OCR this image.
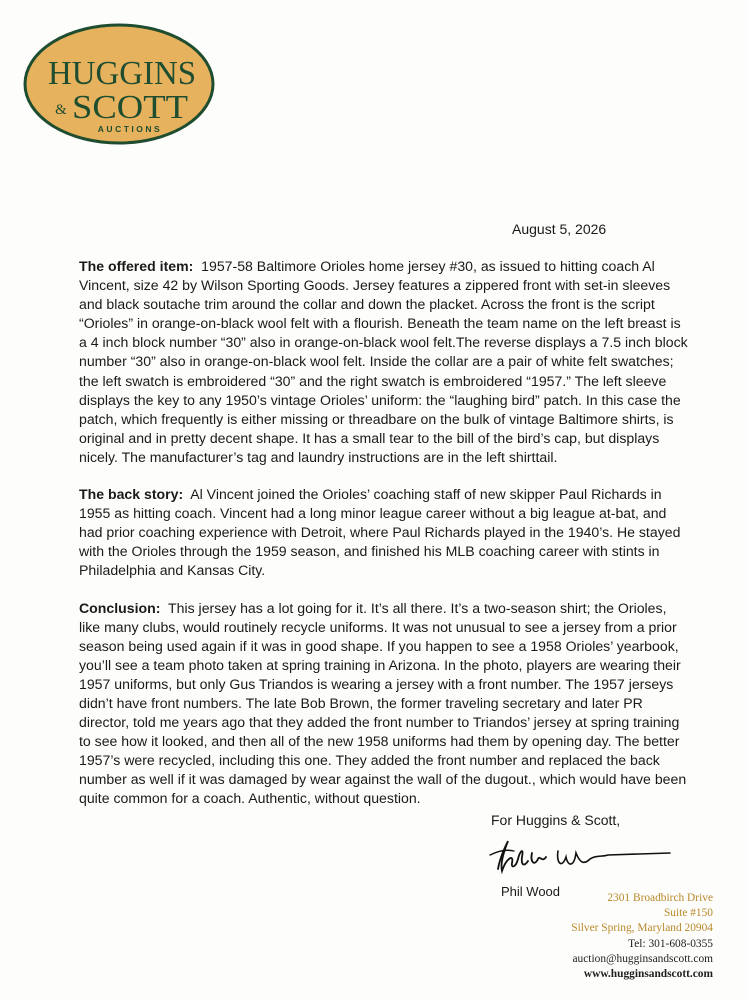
HUGGINS
& SCOTT
AUCTIONS
August 5, 2026

The offered item: 1957-58 Baltimore Orioles home jersey #30, as issued to hitting coach Al Vincent, size 42 by Wilson Sporting Goods. Jersey features a zippered front with set-in sleeves and black soutache trim around the collar and down the placket. Across the front is the script “Orioles” in orange-on-black wool felt with a flourish. Beneath the team name on the left breast is a 4 inch block number “30” also in orange-on-black wool felt.The reverse displays a 7.5 inch block number “30” also in orange-on-black wool felt. Inside the collar are a pair of white felt swatches; the left swatch is embroidered “30” and the right swatch is embroidered “1957.” The left sleeve displays the key to any 1950’s vintage Orioles’ uniform: the “laughing bird” patch. In this case the patch, which frequently is either missing or threadbare on the bulk of vintage Baltimore shirts, is original and in pretty decent shape. It has a small tear to the bill of the bird’s cap, but displays nicely. The manufacturer’s tag and laundry instructions are in the left shirttail.

The back story: Al Vincent joined the Orioles’ coaching staff of new skipper Paul Richards in 1955 as hitting coach. Vincent had a long minor league career without a big league at-bat, and had prior coaching experience with Detroit, where Paul Richards played in the 1940’s. He stayed with the Orioles through the 1959 season, and finished his MLB coaching career with stints in Philadelphia and Kansas City.

Conclusion: This jersey has a lot going for it. It’s all there. It’s a two-season shirt; the Orioles, like many clubs, would routinely recycle uniforms. It was not unusual to see a jersey from a prior season being used again if it was in good shape. If you happen to see a 1958 Orioles’ yearbook, you’ll see a team photo taken at spring training in Arizona. In the photo, players are wearing their 1957 uniforms, but only Gus Triandos is wearing a jersey with a front number. The 1957 jerseys didn’t have front numbers. The late Bob Brown, the former traveling secretary and later PR director, told me years ago that they added the front number to Triandos’ jersey at spring training to see how it looked, and then all of the new 1958 uniforms had them by opening day. The better 1957’s were recycled, including this one. They added the front number and replaced the back number as well if it was damaged by wear against the wall of the dugout., which would have been quite common for a coach. Authentic, without question.

For Huggins & Scott,
Phil Wood	2301 Broadbirch Drive
Suite #150
Silver Spring, Maryland 20904
Tel: 301-608-0355
auction@hugginsandscott.com
www.hugginsandscott.com
